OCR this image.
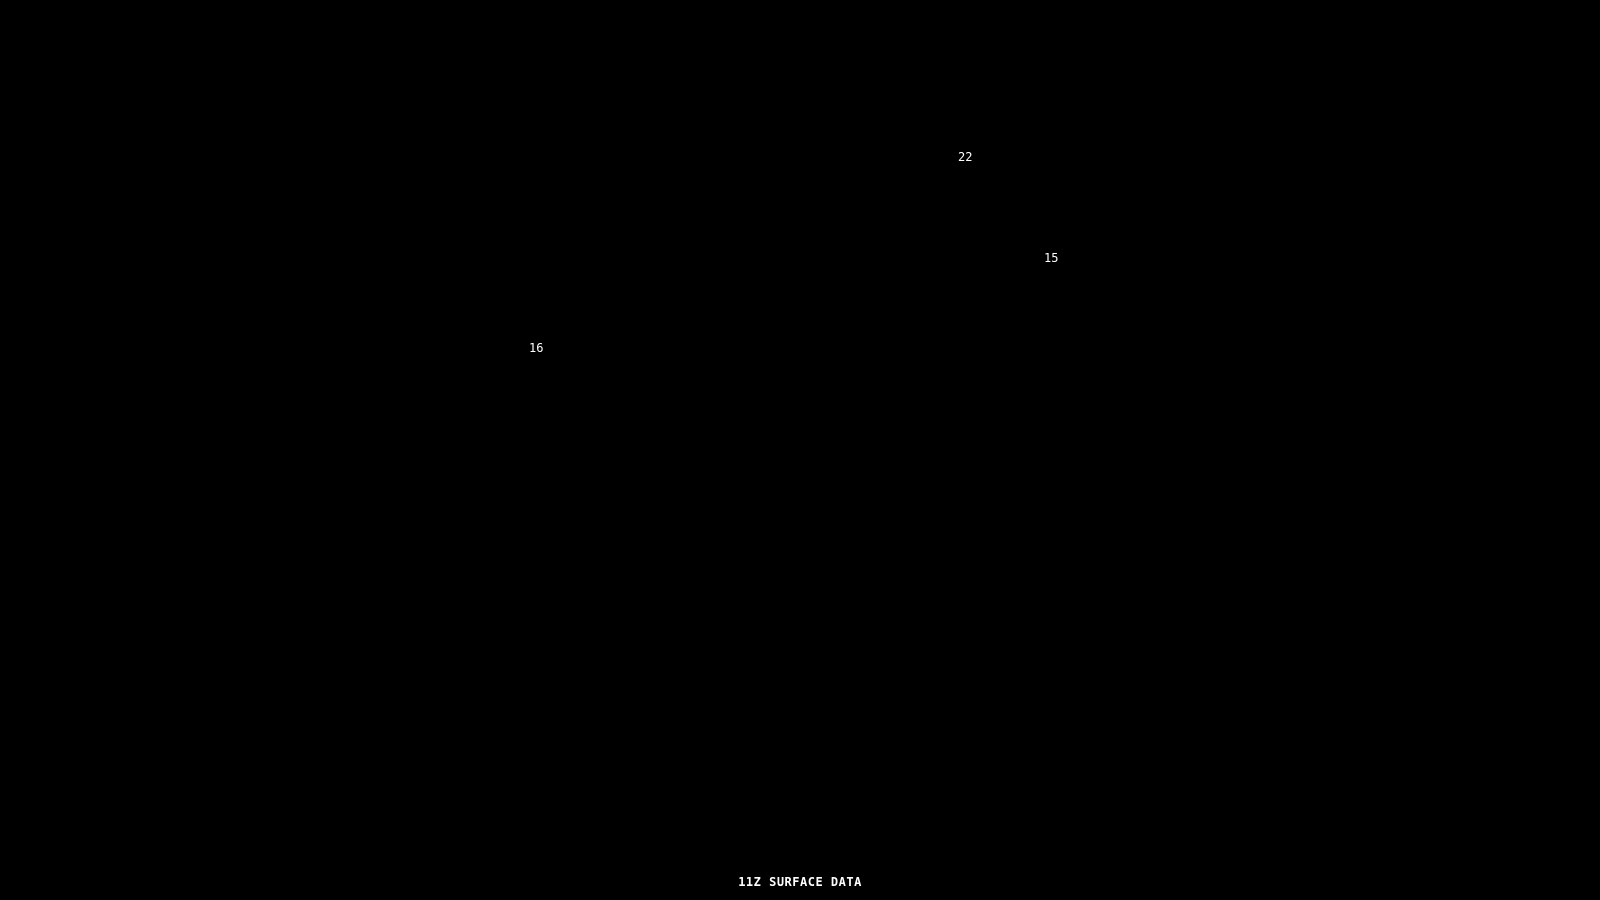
22
15
16
11Z SURFACE DATA
